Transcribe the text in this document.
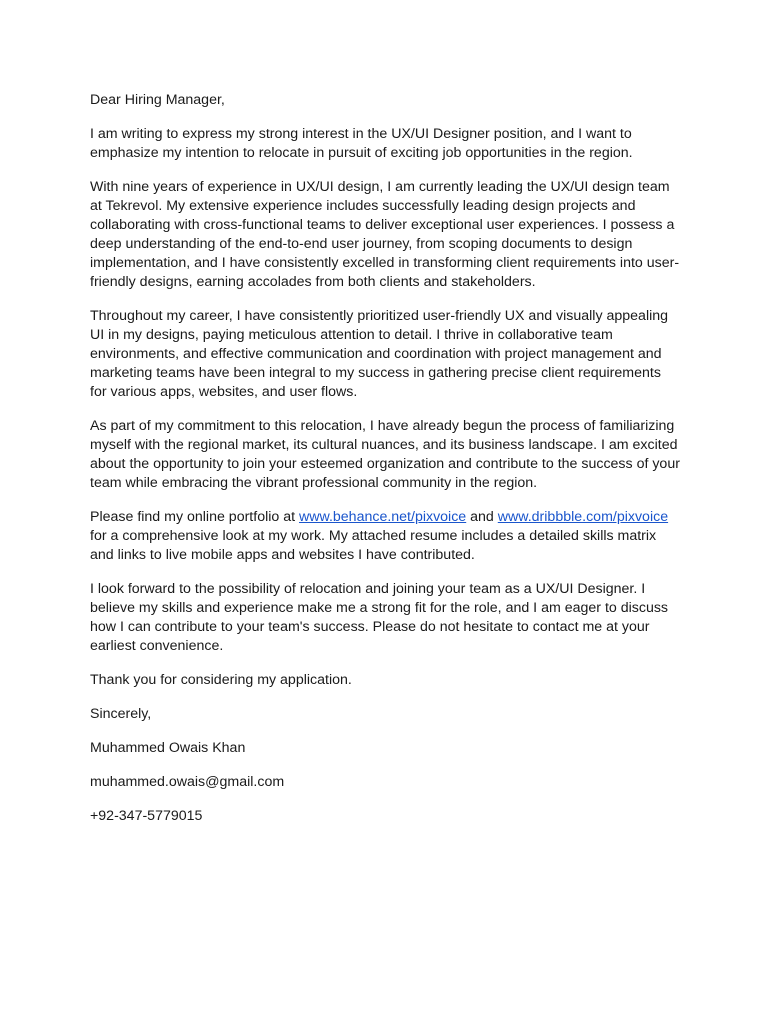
Dear Hiring Manager,

I am writing to express my strong interest in the UX/UI Designer position, and I want to emphasize my intention to relocate in pursuit of exciting job opportunities in the region.

With nine years of experience in UX/UI design, I am currently leading the UX/UI design team at Tekrevol. My extensive experience includes successfully leading design projects and collaborating with cross-functional teams to deliver exceptional user experiences. I possess a deep understanding of the end-to-end user journey, from scoping documents to design implementation, and I have consistently excelled in transforming client requirements into user-friendly designs, earning accolades from both clients and stakeholders.

Throughout my career, I have consistently prioritized user-friendly UX and visually appealing UI in my designs, paying meticulous attention to detail. I thrive in collaborative team environments, and effective communication and coordination with project management and marketing teams have been integral to my success in gathering precise client requirements for various apps, websites, and user flows.

As part of my commitment to this relocation, I have already begun the process of familiarizing myself with the regional market, its cultural nuances, and its business landscape. I am excited about the opportunity to join your esteemed organization and contribute to the success of your team while embracing the vibrant professional community in the region.

Please find my online portfolio at www.behance.net/pixvoice and www.dribbble.com/pixvoice for a comprehensive look at my work. My attached resume includes a detailed skills matrix and links to live mobile apps and websites I have contributed.

I look forward to the possibility of relocation and joining your team as a UX/UI Designer. I believe my skills and experience make me a strong fit for the role, and I am eager to discuss how I can contribute to your team's success. Please do not hesitate to contact me at your earliest convenience.

Thank you for considering my application.

Sincerely,

Muhammed Owais Khan

muhammed.owais@gmail.com

+92-347-5779015
